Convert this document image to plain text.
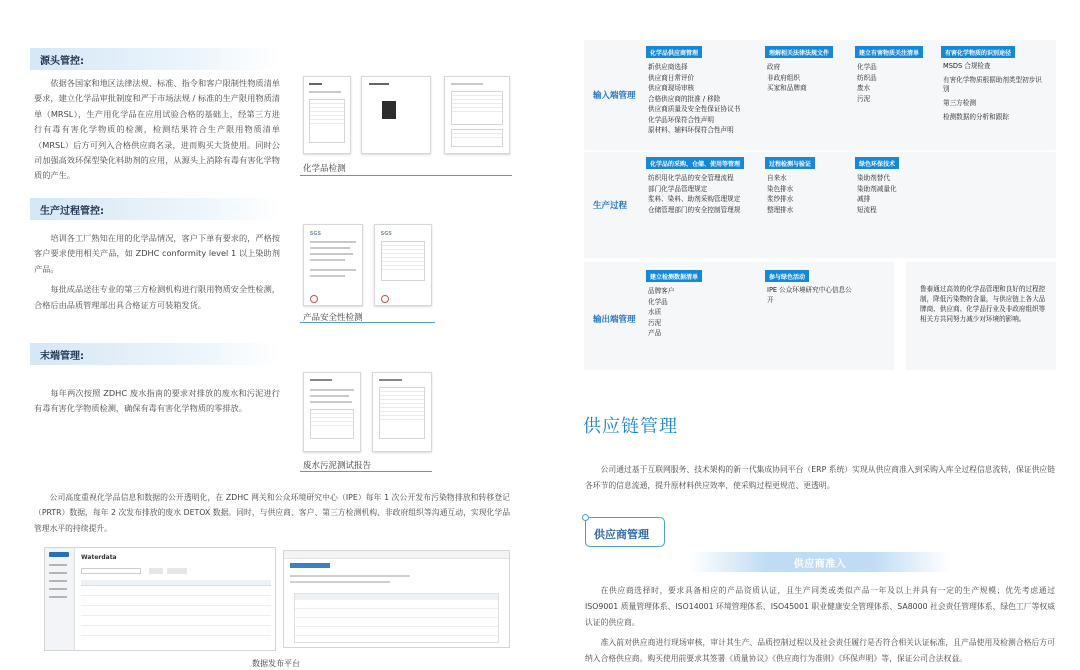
源头管控:

依据各国家和地区法律法规、标准、指令和客户限制性物质清单要求，建立化学品审批制度和严于市场法规 / 标准的生产限用物质清单（MRSL），生产用化学品在应用试验合格的基础上，经第三方进行有毒有害化学物质的检测，检测结果符合生产限用物质清单（MRSL）后方可列入合格供应商名录，进而购买大货使用。同时公司加强高效环保型染化料助剂的应用，从源头上消除有毒有害化学物质的产生。

化学品检测
生产过程管控:

培训各工厂熟知在用的化学品情况，客户下单有要求的，严格按客户要求使用相关产品，如 ZDHC conformity level 1 以上染助剂产品。

每批成品送往专业的第三方检测机构进行限用物质安全性检测，合格后由品质管理部出具合格证方可装箱发货。

SGS	SGS
产品安全性检测
末端管理:

每年两次按照 ZDHC 废水指南的要求对排放的废水和污泥进行有毒有害化学物质检测，确保有毒有害化学物质的零排放。

废水污泥测试报告

公司高度重视化学品信息和数据的公开透明化，在 ZDHC 网关和公众环境研究中心（IPE）每年 1 次公开发布污染物排放和转移登记（PRTR）数据，每年 2 次发布排放的废水 DETOX 数据。同时，与供应商、客户、第三方检测机构、非政府组织等沟通互动，实现化学品管理水平的持续提升。

Waterdata
数据发布平台
输入端管理
化学品供应商管理
新供应商选择
供应商日常评价
供应商现场审核
合格供应商的批准 / 移除
供应商质量及安全性保证协议书
化学品环保符合性声明
原材料、辅料环保符合性声明
理解相关法律法规文件
政府
非政府组织
买家和品牌商
建立有害物质关注清单
化学品
纺织品
废水
污泥
有害化学物质的识别途径
MSDS 合规检查
有害化学物质根据助剂类型初步识别
第三方检测
检测数据的分析和跟踪
生产过程
化学品的采购、仓储、使用等管理
纺织用化学品的安全管理流程
部门化学品管理规定
浆料、染料、助剂采购管理规定
仓储管理部门的安全控制管理规
过程检测与验证
自来水
染色排水
浆纱排水
整理排水
绿色环保技术
染助剂替代
染助剂减量化
减排
短流程
输出端管理
建立检测数据清单
品牌客户
化学品
水质
污泥
产品
参与绿色活动
IPE 公众环境研究中心信息公开
鲁泰通过高效的化学品管理和良好的过程控制，降低污染物的含量，与供应链上各大品牌商、供应商、化学品行业及非政府组织等相关方共同努力减少对环境的影响。
供应链管理

公司通过基于互联网服务、技术架构的新一代集成协同平台（ERP 系统）实现从供应商准入到采购入库全过程信息流转，保证供应链各环节的信息流通，提升原材料供应效率，使采购过程更规范、更透明。

供应商管理
供应商准入

在供应商选择时，要求具备相应的产品资质认证，且生产同类或类似产品一年及以上并具有一定的生产规模；优先考虑通过 ISO9001 质量管理体系、ISO14001 环境管理体系、ISO45001 职业健康安全管理体系、SA8000 社会责任管理体系、绿色工厂等权威认证的供应商。

准入前对供应商进行现场审核，审计其生产、品质控制过程以及社会责任履行是否符合相关认证标准，且产品使用及检测合格后方可纳入合格供应商。购买使用前要求其签署《质量协议》《供应商行为准则》《环保声明》等，保证公司合法权益。
